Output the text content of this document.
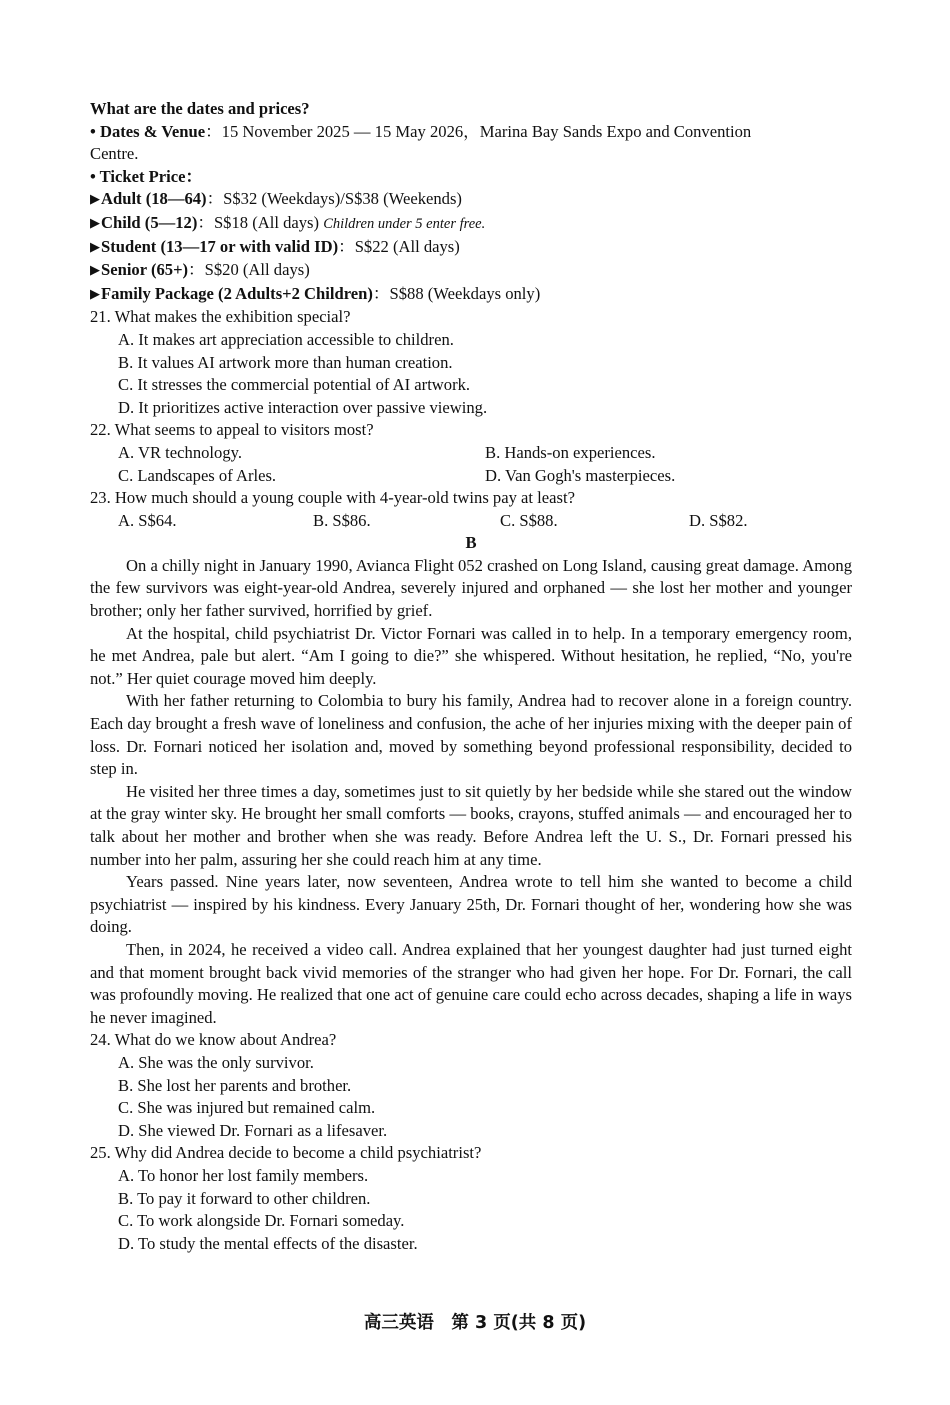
What are the dates and prices?
• Dates & Venue：15 November 2025 — 15 May 2026，Marina Bay Sands Expo and Convention
Centre.
• Ticket Price：
▶Adult (18—64)：S$32 (Weekdays)/S$38 (Weekends)
▶Child (5—12)：S$18 (All days) Children under 5 enter free.
▶Student (13—17 or with valid ID)：S$22 (All days)
▶Senior (65+)：S$20 (All days)
▶Family Package (2 Adults+2 Children)：S$88 (Weekdays only)
21. What makes the exhibition special?
A. It makes art appreciation accessible to children.
B. It values AI artwork more than human creation.
C. It stresses the commercial potential of AI artwork.
D. It prioritizes active interaction over passive viewing.
22. What seems to appeal to visitors most?
A. VR technology.	B. Hands-on experiences.
C. Landscapes of Arles.	D. Van Gogh's masterpieces.
23. How much should a young couple with 4-year-old twins pay at least?
A. S$64.	B. S$86.	C. S$88.	D. S$82.
B

On a chilly night in January 1990, Avianca Flight 052 crashed on Long Island, causing great damage. Among the few survivors was eight-year-old Andrea, severely injured and orphaned — she lost her mother and younger brother; only her father survived, horrified by grief.

At the hospital, child psychiatrist Dr. Victor Fornari was called in to help. In a temporary emergency room, he met Andrea, pale but alert. “Am I going to die?” she whispered. Without hesitation, he replied, “No, you're not.” Her quiet courage moved him deeply.

With her father returning to Colombia to bury his family, Andrea had to recover alone in a foreign country. Each day brought a fresh wave of loneliness and confusion, the ache of her injuries mixing with the deeper pain of loss. Dr. Fornari noticed her isolation and, moved by something beyond professional responsibility, decided to step in.

He visited her three times a day, sometimes just to sit quietly by her bedside while she stared out the window at the gray winter sky. He brought her small comforts — books, crayons, stuffed animals — and encouraged her to talk about her mother and brother when she was ready. Before Andrea left the U. S., Dr. Fornari pressed his number into her palm, assuring her she could reach him at any time.

Years passed. Nine years later, now seventeen, Andrea wrote to tell him she wanted to become a child psychiatrist — inspired by his kindness. Every January 25th, Dr. Fornari thought of her, wondering how she was doing.

Then, in 2024, he received a video call. Andrea explained that her youngest daughter had just turned eight and that moment brought back vivid memories of the stranger who had given her hope. For Dr. Fornari, the call was profoundly moving. He realized that one act of genuine care could echo across decades, shaping a life in ways he never imagined.

24. What do we know about Andrea?
A. She was the only survivor.
B. She lost her parents and brother.
C. She was injured but remained calm.
D. She viewed Dr. Fornari as a lifesaver.
25. Why did Andrea decide to become a child psychiatrist?
A. To honor her lost family members.
B. To pay it forward to other children.
C. To work alongside Dr. Fornari someday.
D. To study the mental effects of the disaster.
高三英语　第 3 页(共 8 页)
